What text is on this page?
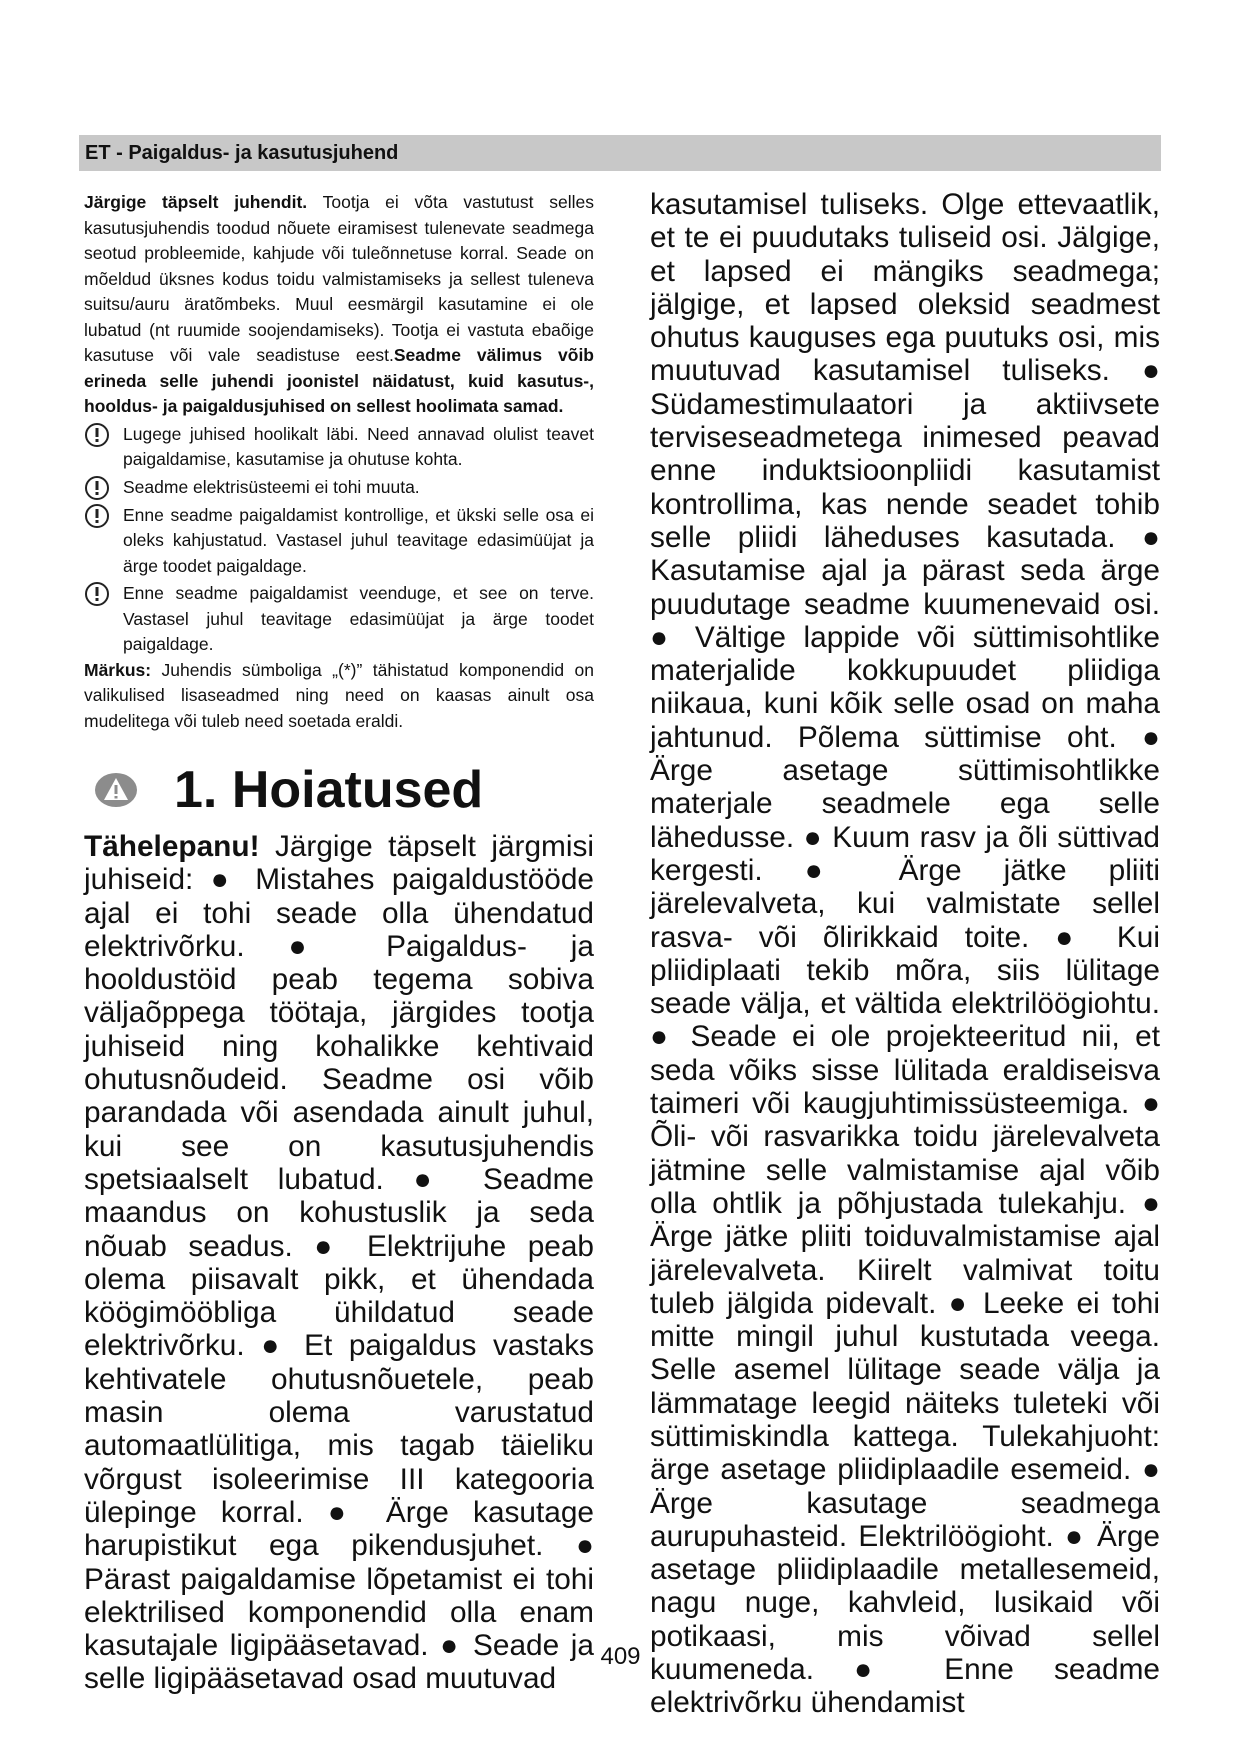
ET - Paigaldus- ja kasutusjuhend

Järgige täpselt juhendit. Tootja ei võta vastutust selles kasutusjuhendis toodud nõuete eiramisest tulenevate seadmega seotud probleemide, kahjude või tuleõnnetuse korral. Seade on mõeldud üksnes kodus toidu valmistamiseks ja sellest tuleneva suitsu/auru äratõmbeks. Muul eesmärgil kasutamine ei ole lubatud (nt ruumide soojendamiseks). Tootja ei vastuta ebaõige kasutuse või vale seadistuse eest.Seadme välimus võib erineda selle juhendi joonistel näidatust, kuid kasutus-, hooldus- ja paigaldusjuhised on sellest hoolimata samad.

Lugege juhised hoolikalt läbi. Need annavad olulist teavet paigaldamise, kasutamise ja ohutuse kohta.

Seadme elektrisüsteemi ei tohi muuta.

Enne seadme paigaldamist kontrollige, et ükski selle osa ei oleks kahjustatud. Vastasel juhul teavitage edasimüüjat ja ärge toodet paigaldage.

Enne seadme paigaldamist veenduge, et see on terve. Vastasel juhul teavitage edasimüüjat ja ärge toodet paigaldage.

Märkus: Juhendis sümboliga „(*)” tähistatud komponendid on valikulised lisaseadmed ning need on kaasas ainult osa mudelitega või tuleb need soetada eraldi.

1. Hoiatused

Tähelepanu! Järgige täpselt järgmisi juhiseid: ● Mistahes paigaldustööde ajal ei tohi seade olla ühendatud elektrivõrku. ● Paigaldus- ja hooldustöid peab tegema sobiva väljaõppega töötaja, järgides tootja juhiseid ning kohalikke kehtivaid ohutusnõudeid. Seadme osi võib parandada või asendada ainult juhul, kui see on kasutusjuhendis spetsiaalselt lubatud. ● Seadme maandus on kohustuslik ja seda nõuab seadus. ● Elektrijuhe peab olema piisavalt pikk, et ühendada köögimööbliga ühildatud seade elektrivõrku. ● Et paigaldus vastaks kehtivatele ohutusnõuetele, peab masin olema varustatud automaatlülitiga, mis tagab täieliku võrgust isoleerimise III kategooria ülepinge korral. ● Ärge kasutage harupistikut ega pikendusjuhet. ● Pärast paigaldamise lõpetamist ei tohi elektrilised komponendid olla enam kasutajale ligipääsetavad. ● Seade ja selle ligipääsetavad osad muutuvad

kasutamisel tuliseks. Olge ettevaatlik, et te ei puudutaks tuliseid osi. Jälgige, et lapsed ei mängiks seadmega; jälgige, et lapsed oleksid seadmest ohutus kauguses ega puutuks osi, mis muutuvad kasutamisel tuliseks. ● Südamestimulaatori ja aktiivsete terviseseadmetega inimesed peavad enne induktsioonpliidi kasutamist kontrollima, kas nende seadet tohib selle pliidi läheduses kasutada. ● Kasutamise ajal ja pärast seda ärge puudutage seadme kuumenevaid osi. ● Vältige lappide või süttimisohtlike materjalide kokkupuudet pliidiga niikaua, kuni kõik selle osad on maha jahtunud. Põlema süttimise oht. ● Ärge asetage süttimisohtlikke materjale seadmele ega selle lähedusse. ● Kuum rasv ja õli süttivad kergesti. ● Ärge jätke pliiti järelevalveta, kui valmistate sellel rasva- või õlirikkaid toite. ● Kui pliidiplaati tekib mõra, siis lülitage seade välja, et vältida elektrilöögiohtu. ● Seade ei ole projekteeritud nii, et seda võiks sisse lülitada eraldiseisva taimeri või kaugjuhtimissüsteemiga. ● Õli- või rasvarikka toidu järelevalveta jätmine selle valmistamise ajal võib olla ohtlik ja põhjustada tulekahju. ● Ärge jätke pliiti toiduvalmistamise ajal järelevalveta. Kiirelt valmivat toitu tuleb jälgida pidevalt. ● Leeke ei tohi mitte mingil juhul kustutada veega. Selle asemel lülitage seade välja ja lämmatage leegid näiteks tuleteki või süttimiskindla kattega. Tulekahjuoht: ärge asetage pliidiplaadile esemeid. ● Ärge kasutage seadmega aurupuhasteid. Elektrilöögioht. ● Ärge asetage pliidiplaadile metallesemeid, nagu nuge, kahvleid, lusikaid või potikaasi, mis võivad sellel kuumeneda. ● Enne seadme elektrivõrku ühendamist

409
